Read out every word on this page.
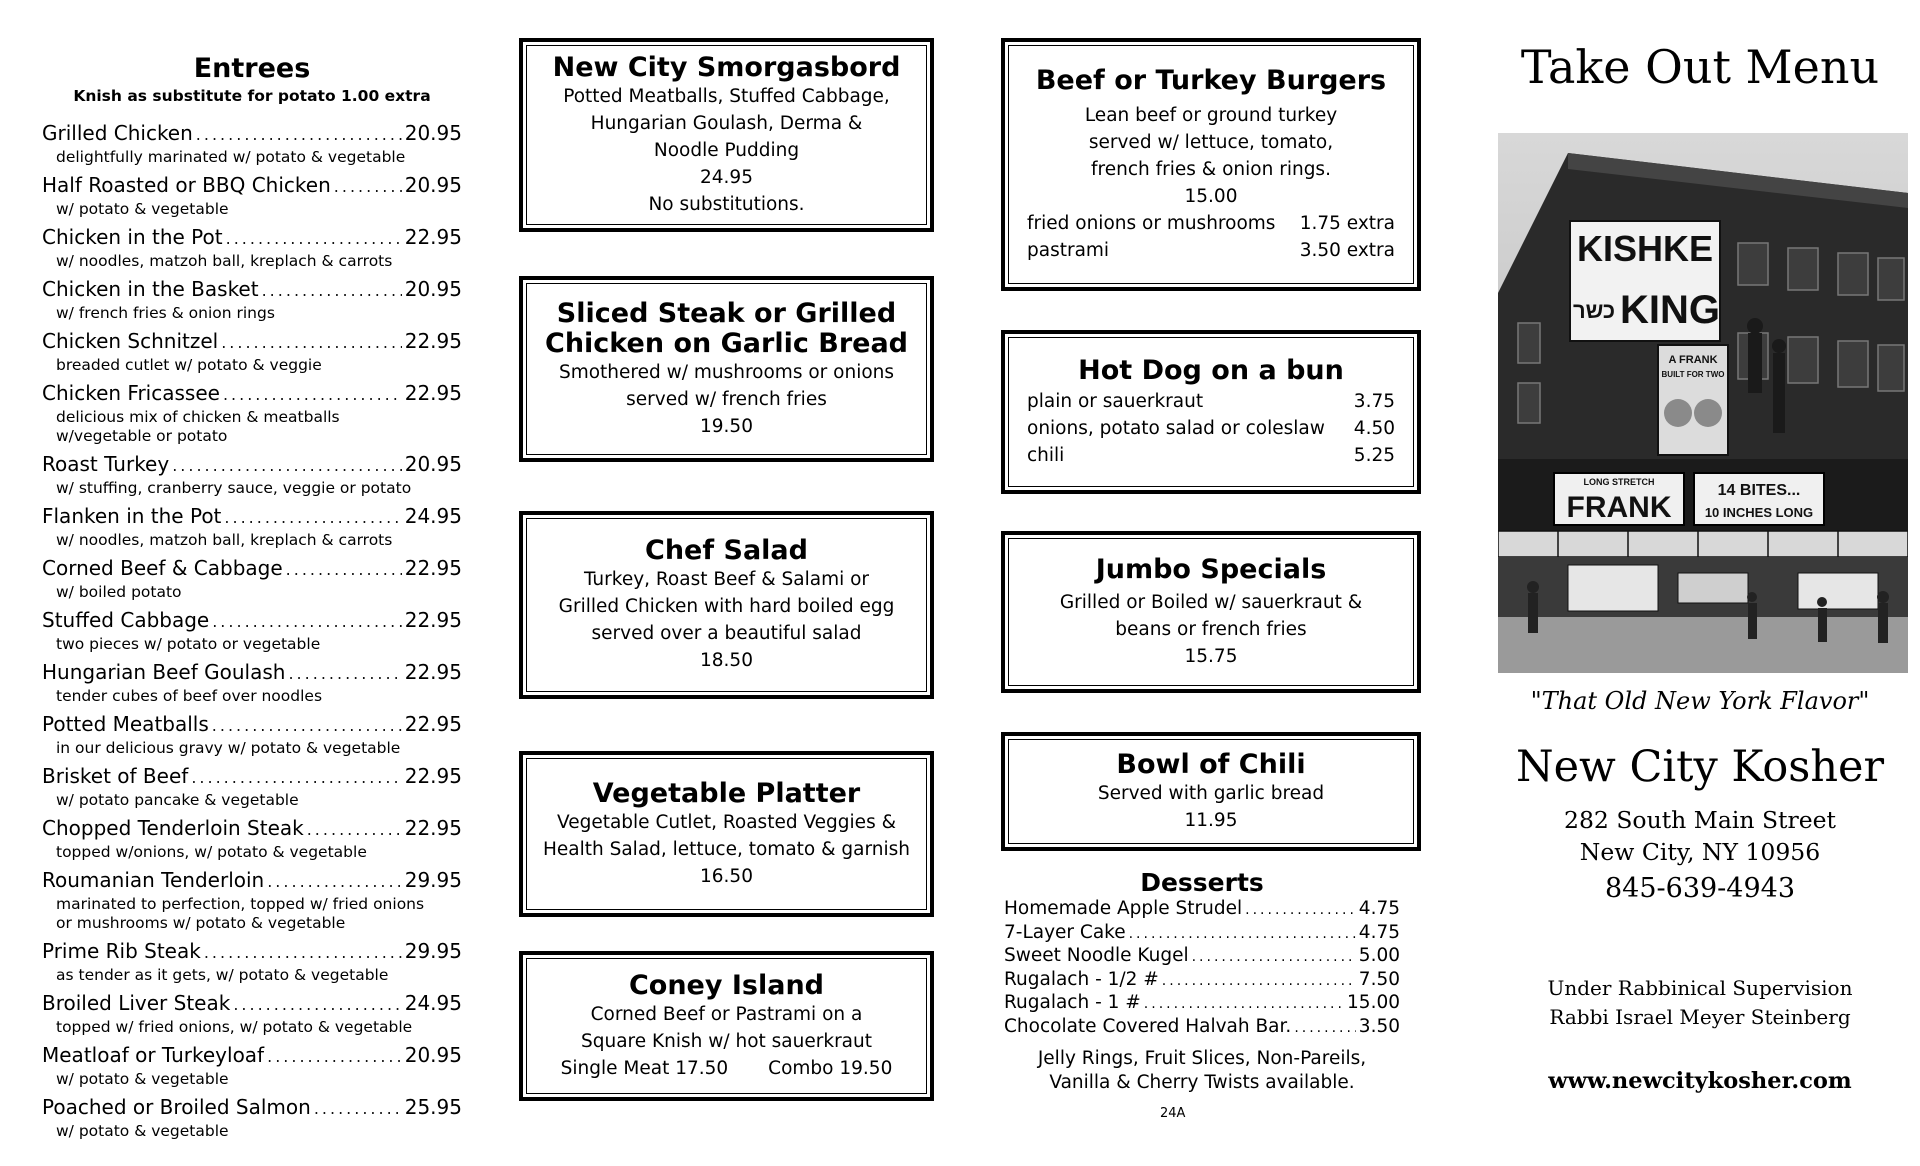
Entrees
Knish as substitute for potato 1.00 extra
Grilled Chicken .....	20.95
delightfully marinated w/ potato & vegetable
Half Roasted or BBQ Chicken .....	20.95
w/ potato & vegetable
Chicken in the Pot .....	22.95
w/ noodles, matzoh ball, kreplach & carrots
Chicken in the Basket .....	20.95
w/ french fries & onion rings
Chicken Schnitzel .....	22.95
breaded cutlet w/ potato & veggie
Chicken Fricassee .....	22.95
delicious mix of chicken & meatballs
w/vegetable or potato
Roast Turkey .....	20.95
w/ stuffing, cranberry sauce, veggie or potato
Flanken in the Pot .....	24.95
w/ noodles, matzoh ball, kreplach & carrots
Corned Beef & Cabbage .....	22.95
w/ boiled potato
Stuffed Cabbage .....	22.95
two pieces w/ potato or vegetable
Hungarian Beef Goulash .....	22.95
tender cubes of beef over noodles
Potted Meatballs .....	22.95
in our delicious gravy w/ potato & vegetable
Brisket of Beef .....	22.95
w/ potato pancake & vegetable
Chopped Tenderloin Steak .....	22.95
topped w/onions, w/ potato & vegetable
Roumanian Tenderloin .....	29.95
marinated to perfection, topped w/ fried onions
or mushrooms w/ potato & vegetable
Prime Rib Steak .....	29.95
as tender as it gets, w/ potato & vegetable
Broiled Liver Steak .....	24.95
topped w/ fried onions, w/ potato & vegetable
Meatloaf or Turkeyloaf .....	20.95
w/ potato & vegetable
Poached or Broiled Salmon .....	25.95
w/ potato & vegetable
New City Smorgasbord

Potted Meatballs, Stuffed Cabbage,

Hungarian Goulash, Derma &

Noodle Pudding

24.95

No substitutions.

Sliced Steak or Grilled
Chicken on Garlic Bread

Smothered w/ mushrooms or onions

served w/ french fries

19.50

Chef Salad

Turkey, Roast Beef & Salami or

Grilled Chicken with hard boiled egg

served over a beautiful salad

18.50

Vegetable Platter

Vegetable Cutlet, Roasted Veggies &

Health Salad, lettuce, tomato & garnish

16.50

Coney Island

Corned Beef or Pastrami on a

Square Knish w/ hot sauerkraut

Single Meat 17.50 Combo 19.50
Beef or Turkey Burgers

Lean beef or ground turkey

served w/ lettuce, tomato,

french fries & onion rings.

15.00

fried onions or mushrooms 1.75 extra
pastrami	3.50 extra
Hot Dog on a bun
plain or sauerkraut	3.75
onions, potato salad or coleslaw 4.50
chili	5.25
Jumbo Specials

Grilled or Boiled w/ sauerkraut &

beans or french fries

15.75

Bowl of Chili

Served with garlic bread

11.95

Desserts
Homemade Apple Strudel .....	4.75
7-Layer Cake .....	4.75
Sweet Noodle Kugel .....	5.00
Rugalach - 1/2 # .....	7.50
Rugalach - 1 # .....	15.00
Chocolate Covered Halvah Bar. .....	3.50
Jelly Rings, Fruit Slices, Non-Pareils,
Vanilla & Cherry Twists available.
24A
Take Out Menu
KISHKE
כשר KING
A FRANK
BUILT FOR TWO
LONG STRETCH
FRANK
14 BITES...
10 INCHES LONG
"That Old New York Flavor"
New City Kosher
282 South Main Street
New City, NY 10956
845-639-4943
Under Rabbinical Supervision
Rabbi Israel Meyer Steinberg
www.newcitykosher.com
